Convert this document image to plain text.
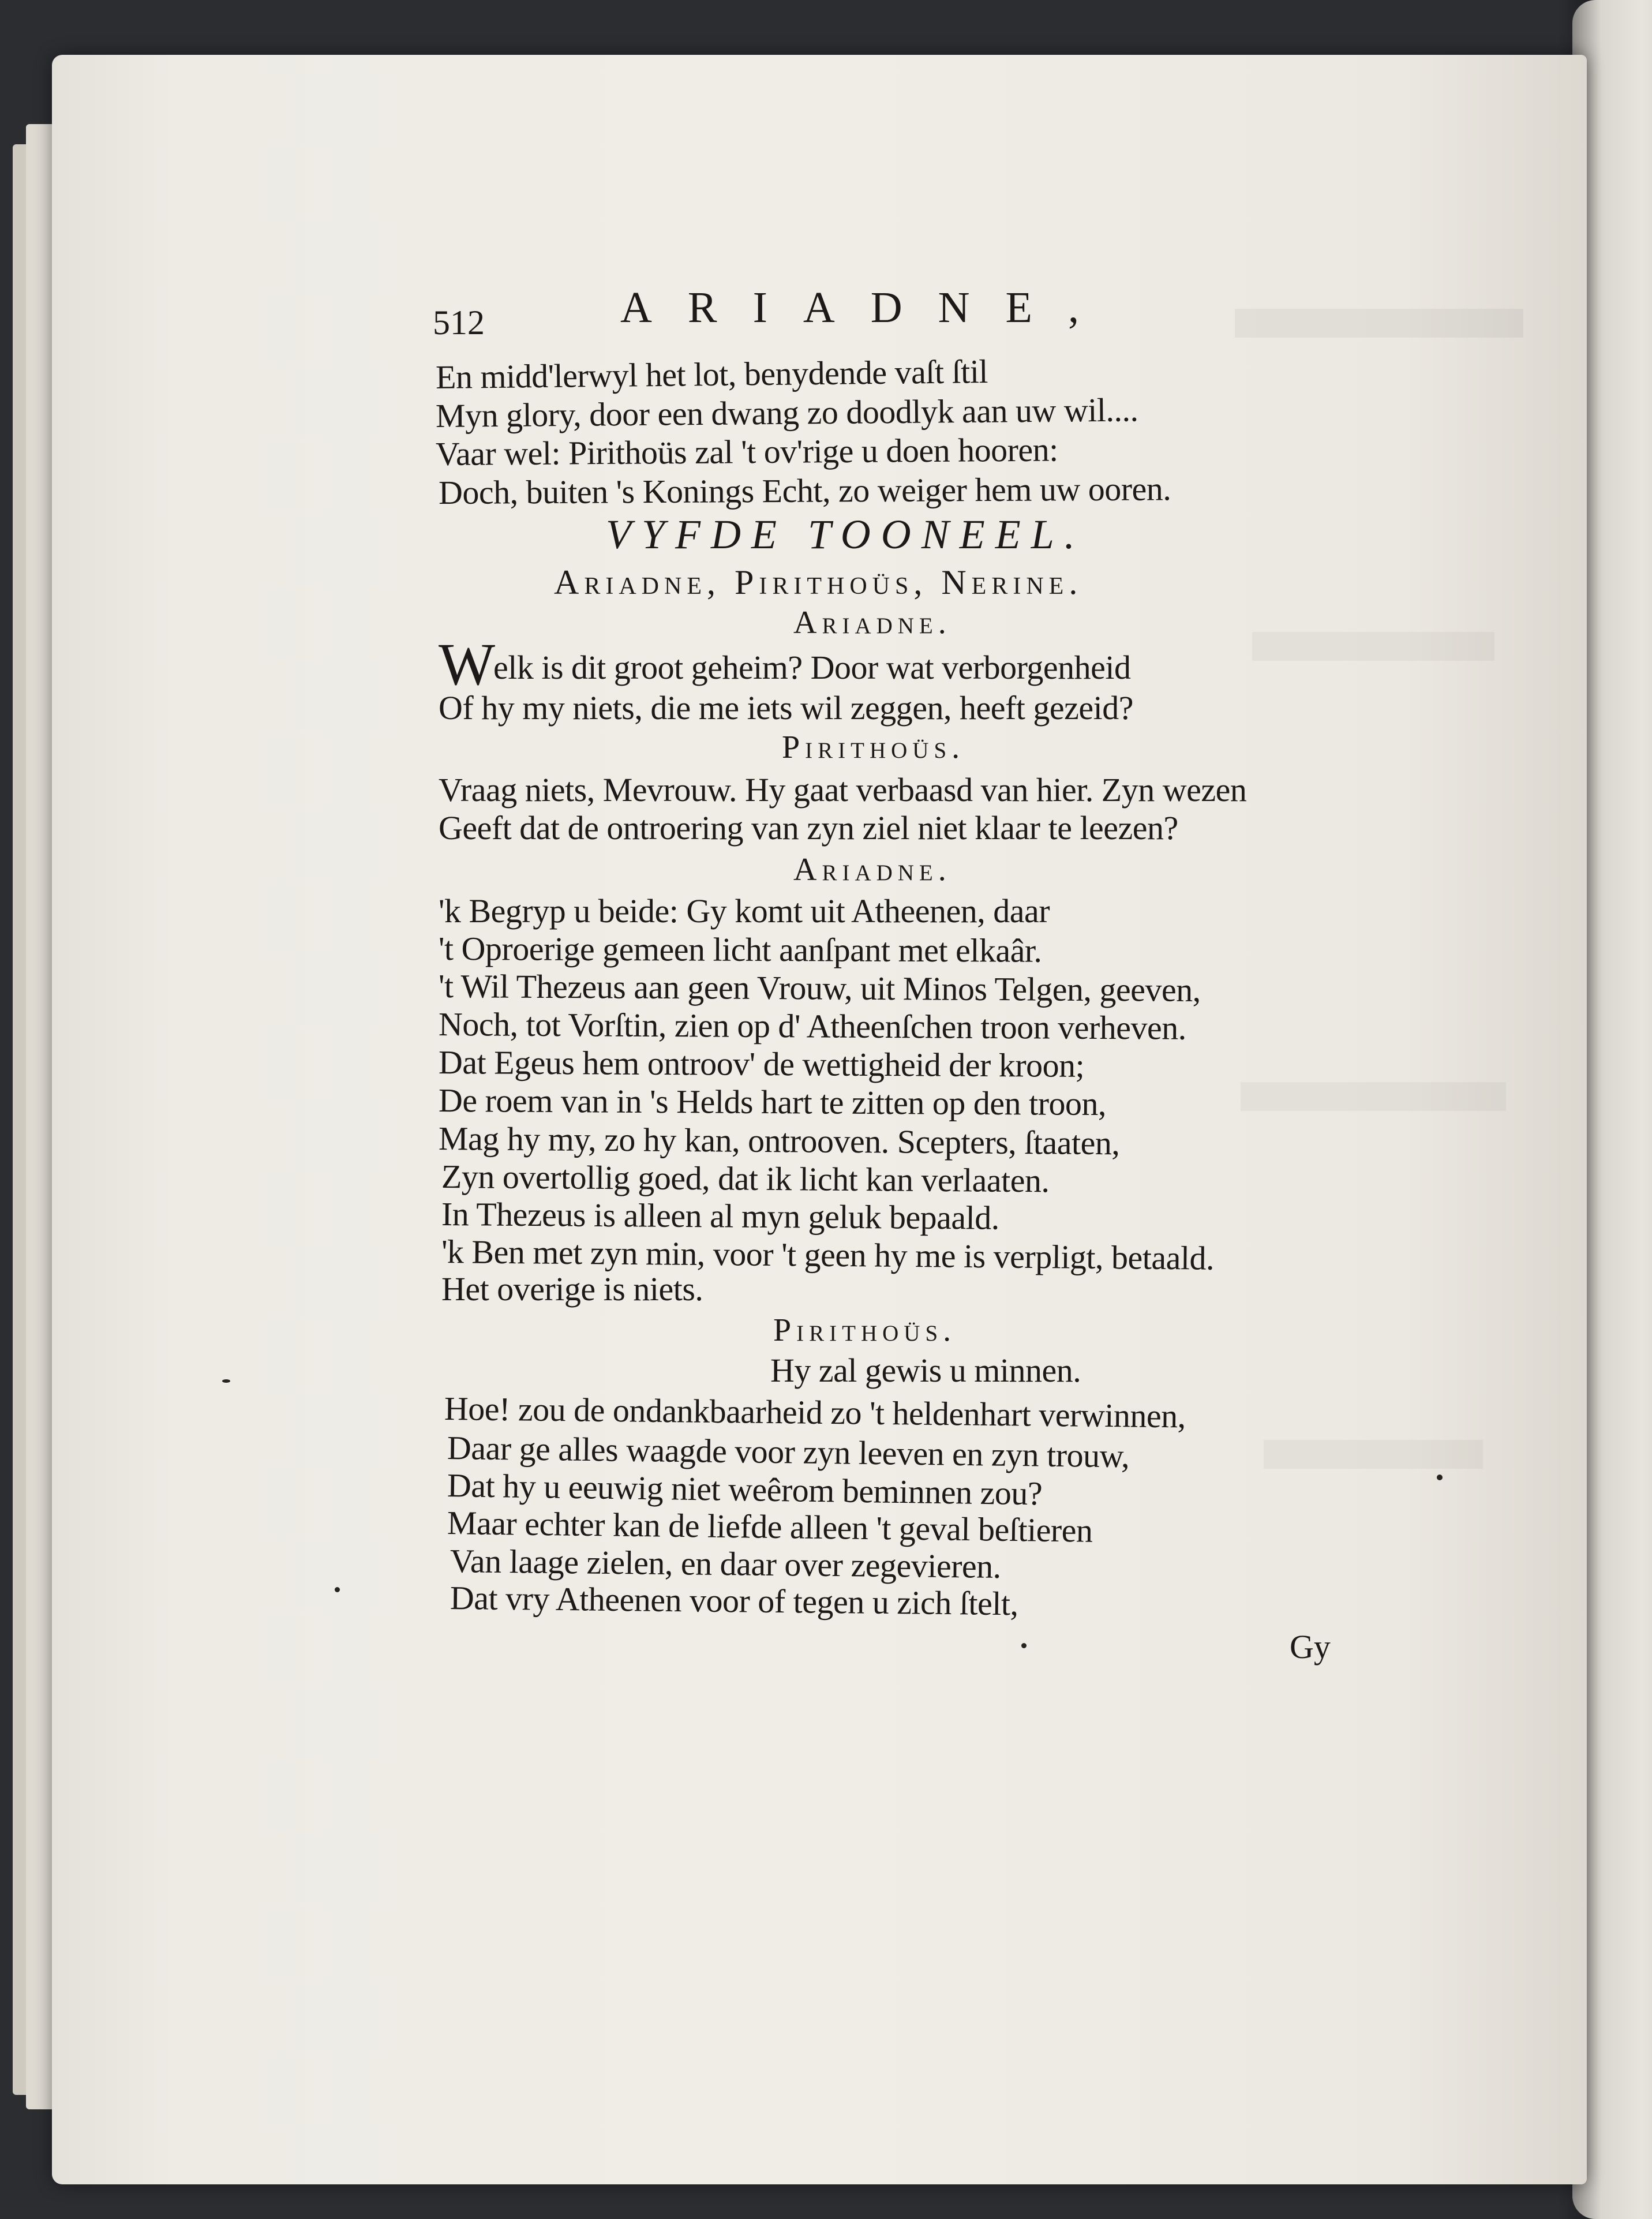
512	ARIADNE,
En midd'lerwyl het lot, benydende vaſt ſtil
Myn glory, door een dwang zo doodlyk aan uw wil....
Vaar wel: Pirithoüs zal 't ov'rige u doen hooren:
Doch, buiten 's Konings Echt, zo weiger hem uw ooren.
VYFDE TOONEEL.
Ariadne, Pirithoüs, Nerine.
Ariadne.
W
elk is dit groot geheim? Door wat verborgenheid
Of hy my niets, die me iets wil zeggen, heeft gezeid?
Pirithoüs.
Vraag niets, Mevrouw. Hy gaat verbaasd van hier. Zyn wezen
Geeft dat de ontroering van zyn ziel niet klaar te leezen?
Ariadne.
'k Begryp u beide: Gy komt uit Atheenen, daar
't Oproerige gemeen licht aanſpant met elkaâr.
't Wil Thezeus aan geen Vrouw, uit Minos Telgen, geeven,
Noch, tot Vorſtin, zien op d' Atheenſchen troon verheven.
Dat Egeus hem ontroov' de wettigheid der kroon;
De roem van in 's Helds hart te zitten op den troon,
Mag hy my, zo hy kan, ontrooven. Scepters, ſtaaten,
Zyn overtollig goed, dat ik licht kan verlaaten.
In Thezeus is alleen al myn geluk bepaald.
'k Ben met zyn min, voor 't geen hy me is verpligt, betaald.
Het overige is niets.
Pirithoüs.
Hy zal gewis u minnen.
Hoe! zou de ondankbaarheid zo 't heldenhart verwinnen,
Daar ge alles waagde voor zyn leeven en zyn trouw,
Dat hy u eeuwig niet weêrom beminnen zou?
Maar echter kan de liefde alleen 't geval beſtieren
Van laage zielen, en daar over zegevieren.
Dat vry Atheenen voor of tegen u zich ſtelt,
Gy
